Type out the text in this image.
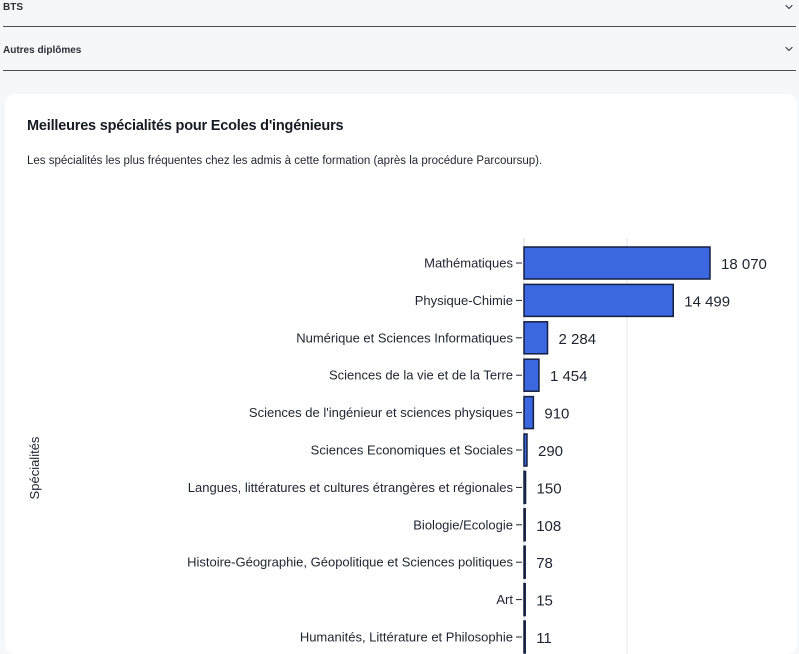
BTS
Autres diplômes
Meilleures spécialités pour Ecoles d'ingénieurs

Les spécialités les plus fréquentes chez les admis à cette formation (après la procédure Parcoursup).

Mathématiques	18 070
Physique-Chimie	14 499
Numérique et Sciences Informatiques	2 284
Sciences de la vie et de la Terre 1 454
Sciences de l'ingénieur et sciences physiques 910
Sciences Economiques et Sociales 290
Langues, littératures et cultures étrangères et régionales 150
Biologie/Ecologie 108
Histoire-Géographie, Géopolitique et Sciences politiques 78
Art 15
Humanités, Littérature et Philosophie 11
Spécialités
